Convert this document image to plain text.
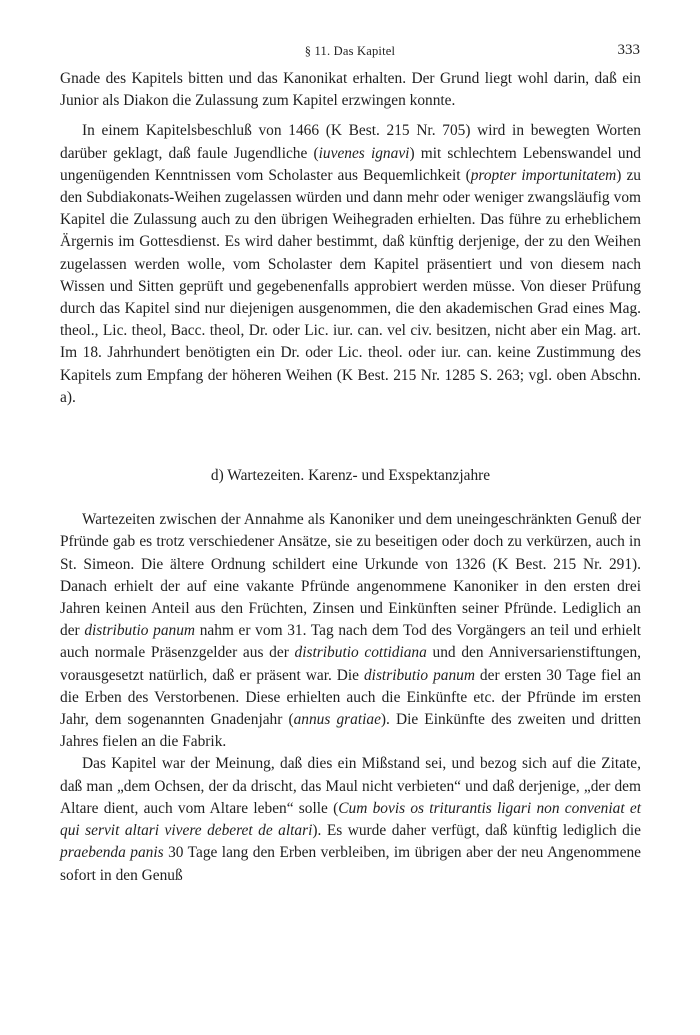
§ 11. Das Kapitel	333

Gnade des Kapitels bitten und das Kanonikat erhalten. Der Grund liegt wohl darin, daß ein Junior als Diakon die Zulassung zum Kapitel erzwingen konnte.

In einem Kapitelsbeschluß von 1466 (K Best. 215 Nr. 705) wird in bewegten Worten darüber geklagt, daß faule Jugendliche (iuvenes ignavi) mit schlechtem Lebenswandel und ungenügenden Kenntnissen vom Scholaster aus Bequemlichkeit (propter importunitatem) zu den Subdiakonats-Weihen zugelassen würden und dann mehr oder weniger zwangsläufig vom Kapitel die Zulassung auch zu den übrigen Weihegraden erhielten. Das führe zu erheblichem Ärgernis im Gottesdienst. Es wird daher bestimmt, daß künftig derjenige, der zu den Weihen zugelassen werden wolle, vom Scholaster dem Kapitel präsentiert und von diesem nach Wissen und Sitten geprüft und gegebenenfalls approbiert werden müsse. Von dieser Prüfung durch das Kapitel sind nur diejenigen ausgenommen, die den akademischen Grad eines Mag. theol., Lic. theol, Bacc. theol, Dr. oder Lic. iur. can. vel civ. besitzen, nicht aber ein Mag. art. Im 18. Jahrhundert benötigten ein Dr. oder Lic. theol. oder iur. can. keine Zustimmung des Kapitels zum Empfang der höheren Weihen (K Best. 215 Nr. 1285 S. 263; vgl. oben Abschn. a).

d) Wartezeiten. Karenz- und Exspektanzjahre

Wartezeiten zwischen der Annahme als Kanoniker und dem uneingeschränkten Genuß der Pfründe gab es trotz verschiedener Ansätze, sie zu beseitigen oder doch zu verkürzen, auch in St. Simeon. Die ältere Ordnung schildert eine Urkunde von 1326 (K Best. 215 Nr. 291). Danach erhielt der auf eine vakante Pfründe angenommene Kanoniker in den ersten drei Jahren keinen Anteil aus den Früchten, Zinsen und Einkünften seiner Pfründe. Lediglich an der distributio panum nahm er vom 31. Tag nach dem Tod des Vorgängers an teil und erhielt auch normale Präsenzgelder aus der distributio cottidiana und den Anniversarienstiftungen, vorausgesetzt natürlich, daß er präsent war. Die distributio panum der ersten 30 Tage fiel an die Erben des Verstorbenen. Diese erhielten auch die Einkünfte etc. der Pfründe im ersten Jahr, dem sogenannten Gnadenjahr (annus gratiae). Die Einkünfte des zweiten und dritten Jahres fielen an die Fabrik.

Das Kapitel war der Meinung, daß dies ein Mißstand sei, und bezog sich auf die Zitate, daß man „dem Ochsen, der da drischt, das Maul nicht verbieten“ und daß derjenige, „der dem Altare dient, auch vom Altare leben“ solle (Cum bovis os triturantis ligari non conveniat et qui servit altari vivere deberet de altari). Es wurde daher verfügt, daß künftig lediglich die praebenda panis 30 Tage lang den Erben verbleiben, im übrigen aber der neu Angenommene sofort in den Genuß
